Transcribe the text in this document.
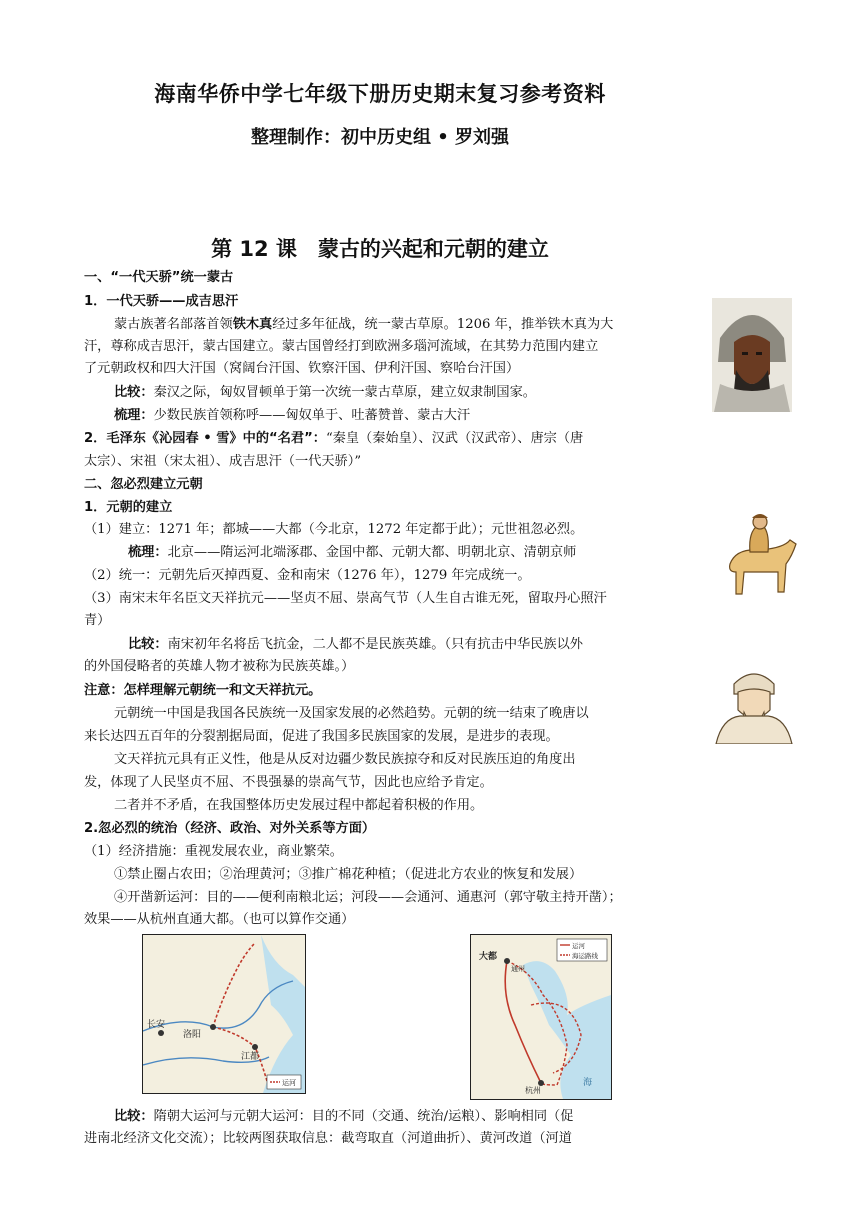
海南华侨中学七年级下册历史期末复习参考资料
整理制作：初中历史组 • 罗刘强
第 12 课　蒙古的兴起和元朝的建立
一、“一代天骄”统一蒙古
1．一代天骄——成吉思汗
蒙古族著名部落首领铁木真经过多年征战，统一蒙古草原。1206 年，推举铁木真为大
汗，尊称成吉思汗，蒙古国建立。蒙古国曾经打到欧洲多瑙河流域，在其势力范围内建立
了元朝政权和四大汗国（窝阔台汗国、钦察汗国、伊利汗国、察哈台汗国）
比较：秦汉之际，匈奴冒顿单于第一次统一蒙古草原，建立奴隶制国家。
梳理：少数民族首领称呼——匈奴单于、吐蕃赞普、蒙古大汗
2．毛泽东《沁园春 • 雪》中的“名君”：“秦皇（秦始皇）、汉武（汉武帝）、唐宗（唐
太宗）、宋祖（宋太祖）、成吉思汗（一代天骄）”
二、忽必烈建立元朝
1．元朝的建立
（1）建立：1271 年；都城——大都（今北京，1272 年定都于此）；元世祖忽必烈。
梳理：北京——隋运河北端涿郡、金国中都、元朝大都、明朝北京、清朝京师
（2）统一：元朝先后灭掉西夏、金和南宋（1276 年），1279 年完成统一。
（3）南宋末年名臣文天祥抗元——坚贞不屈、崇高气节（人生自古谁无死，留取丹心照汗
青）
比较：南宋初年名将岳飞抗金，二人都不是民族英雄。（只有抗击中华民族以外
的外国侵略者的英雄人物才被称为民族英雄。）
注意：怎样理解元朝统一和文天祥抗元。
元朝统一中国是我国各民族统一及国家发展的必然趋势。元朝的统一结束了晚唐以
来长达四五百年的分裂割据局面，促进了我国多民族国家的发展，是进步的表现。
文天祥抗元具有正义性，他是从反对边疆少数民族掠夺和反对民族压迫的角度出
发，体现了人民坚贞不屈、不畏强暴的崇高气节，因此也应给予肯定。
二者并不矛盾，在我国整体历史发展过程中都起着积极的作用。
2.忽必烈的统治（经济、政治、对外关系等方面）
（1）经济措施：重视发展农业，商业繁荣。
①禁止圈占农田；②治理黄河；③推广棉花种植；（促进北方农业的恢复和发展）
④开凿新运河：目的——便利南粮北运；河段——会通河、通惠河（郭守敬主持开凿）；
效果——从杭州直通大都。（也可以算作交通）
比较：隋朝大运河与元朝大运河：目的不同（交通、统治/运粮）、影响相同（促
进南北经济文化交流）；比较两图获取信息：截弯取直（河道曲折）、黄河改道（河道
洛阳
长安
江都
运河
大都
通州
杭州
海
运河
海运路线
